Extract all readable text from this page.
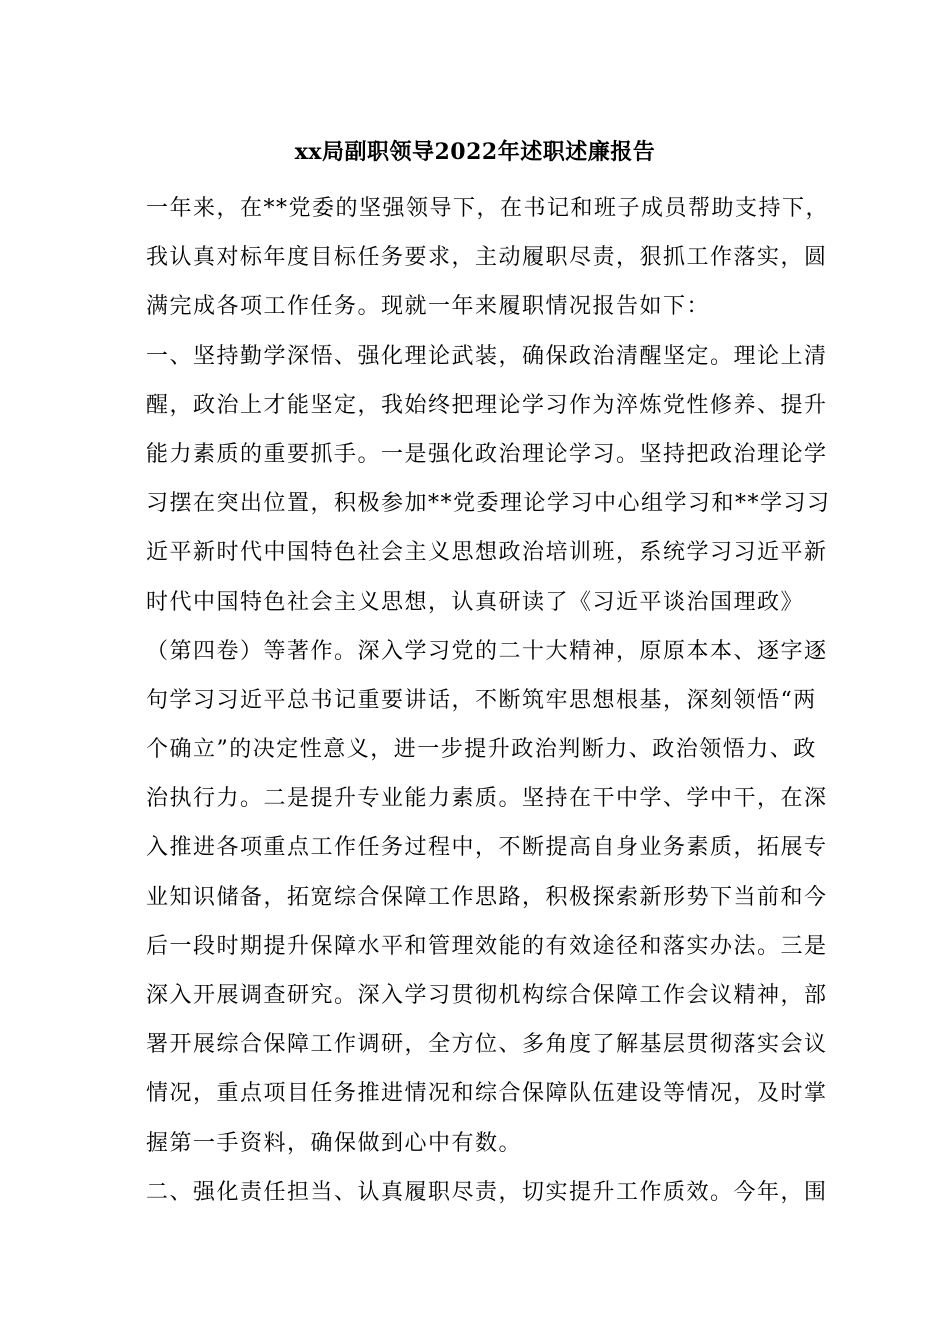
xx局副职领导2022年述职述廉报告
一年来，在**党委的坚强领导下，在书记和班子成员帮助支持下，
我认真对标年度目标任务要求，主动履职尽责，狠抓工作落实，圆
满完成各项工作任务。现就一年来履职情况报告如下：
一、坚持勤学深悟、强化理论武装，确保政治清醒坚定。理论上清
醒，政治上才能坚定，我始终把理论学习作为淬炼党性修养、提升
能力素质的重要抓手。一是强化政治理论学习。坚持把政治理论学
习摆在突出位置，积极参加**党委理论学习中心组学习和**学习习
近平新时代中国特色社会主义思想政治培训班，系统学习习近平新
时代中国特色社会主义思想，认真研读了《习近平谈治国理政》
（第四卷）等著作。深入学习党的二十大精神，原原本本、逐字逐
句学习习近平总书记重要讲话，不断筑牢思想根基，深刻领悟“两
个确立”的决定性意义，进一步提升政治判断力、政治领悟力、政
治执行力。二是提升专业能力素质。坚持在干中学、学中干，在深
入推进各项重点工作任务过程中，不断提高自身业务素质，拓展专
业知识储备，拓宽综合保障工作思路，积极探索新形势下当前和今
后一段时期提升保障水平和管理效能的有效途径和落实办法。三是
深入开展调查研究。深入学习贯彻机构综合保障工作会议精神，部
署开展综合保障工作调研，全方位、多角度了解基层贯彻落实会议
情况，重点项目任务推进情况和综合保障队伍建设等情况，及时掌
握第一手资料，确保做到心中有数。
二、强化责任担当、认真履职尽责，切实提升工作质效。今年，围
